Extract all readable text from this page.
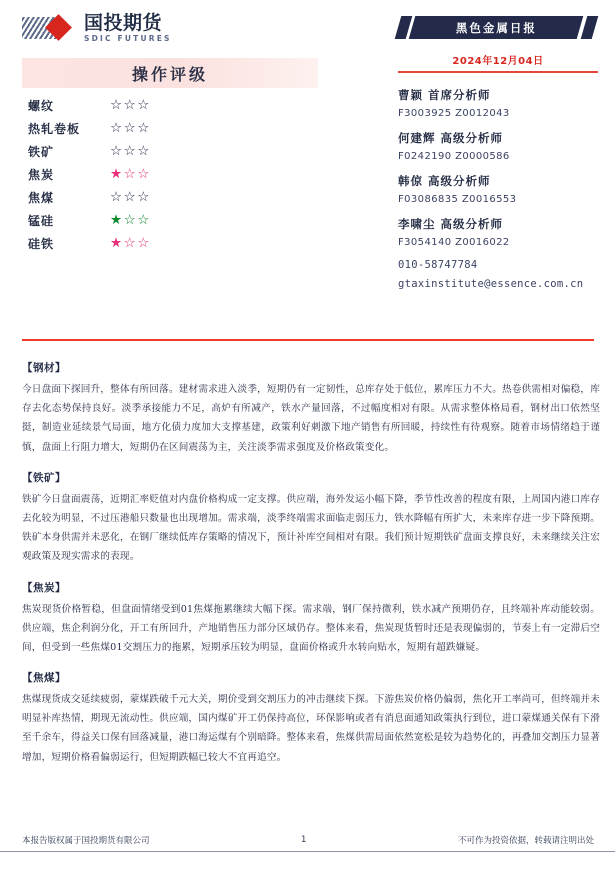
国投期货
SDIC FUTURES
操作评级
螺纹	☆☆☆
热轧卷板	☆☆☆
铁矿	☆☆☆
焦炭	★☆☆
焦煤	☆☆☆
锰硅	★☆☆
硅铁	★☆☆
黑色金属日报
2024年12月04日
曹颖 首席分析师
F3003925 Z0012043
何建辉 高级分析师
F0242190 Z0000586
韩倞 高级分析师
F03086835 Z0016553
李啸尘 高级分析师
F3054140 Z0016022
010-58747784
gtaxinstitute@essence.com.cn
【钢材】
今日盘面下探回升，整体有所回落。建材需求进入淡季，短期仍有一定韧性，总库存处于低位，累库压力不大。热卷供需相对偏稳，库存去化态势保持良好。淡季承接能力不足，高炉有所减产，铁水产量回落，不过幅度相对有限。从需求整体格局看，钢材出口依然坚挺，制造业延续景气局面，地方化债力度加大支撑基建，政策利好刺激下地产销售有所回暖，持续性有待观察。随着市场情绪趋于谨慎，盘面上行阻力增大，短期仍在区间震荡为主，关注淡季需求强度及价格政策变化。
【铁矿】
铁矿今日盘面震荡，近期汇率贬值对内盘价格构成一定支撑。供应端，海外发运小幅下降，季节性改善的程度有限，上周国内港口库存去化较为明显，不过压港船只数量也出现增加。需求端，淡季终端需求面临走弱压力，铁水降幅有所扩大，未来库存进一步下降预期。铁矿本身供需并未恶化，在钢厂继续低库存策略的情况下，预计补库空间相对有限。我们预计短期铁矿盘面支撑良好，未来继续关注宏观政策及现实需求的表现。
【焦炭】
焦炭现货价格暂稳，但盘面情绪受到01焦煤拖累继续大幅下探。需求端，钢厂保持微利，铁水减产预期仍存，且终端补库动能较弱。供应端，焦企利润分化，开工有所回升，产地销售压力部分区域仍存。整体来看，焦炭现货暂时还是表现偏弱的，节奏上有一定滞后空间，但受到一些焦煤01交割压力的拖累，短期承压较为明显，盘面价格或升水转向贴水，短期有超跌嫌疑。
【焦煤】
焦煤现货成交延续疲弱，蒙煤跌破千元大关，期价受到交割压力的冲击继续下探。下游焦炭价格仍偏弱，焦化开工率尚可，但终端并未明显补库热情，期现无流动性。供应端，国内煤矿开工仍保持高位，环保影响或者有消息面通知政策执行到位，进口蒙煤通关保有下滑至千余车，得益关口保有回落减量，港口海运煤有个别暗降。整体来看，焦煤供需局面依然宽松是较为趋势化的，再叠加交割压力显著增加，短期价格看偏弱运行，但短期跌幅已较大不宜再追空。
本报告版权属于国投期货有限公司	1	不可作为投资依据，转载请注明出处
